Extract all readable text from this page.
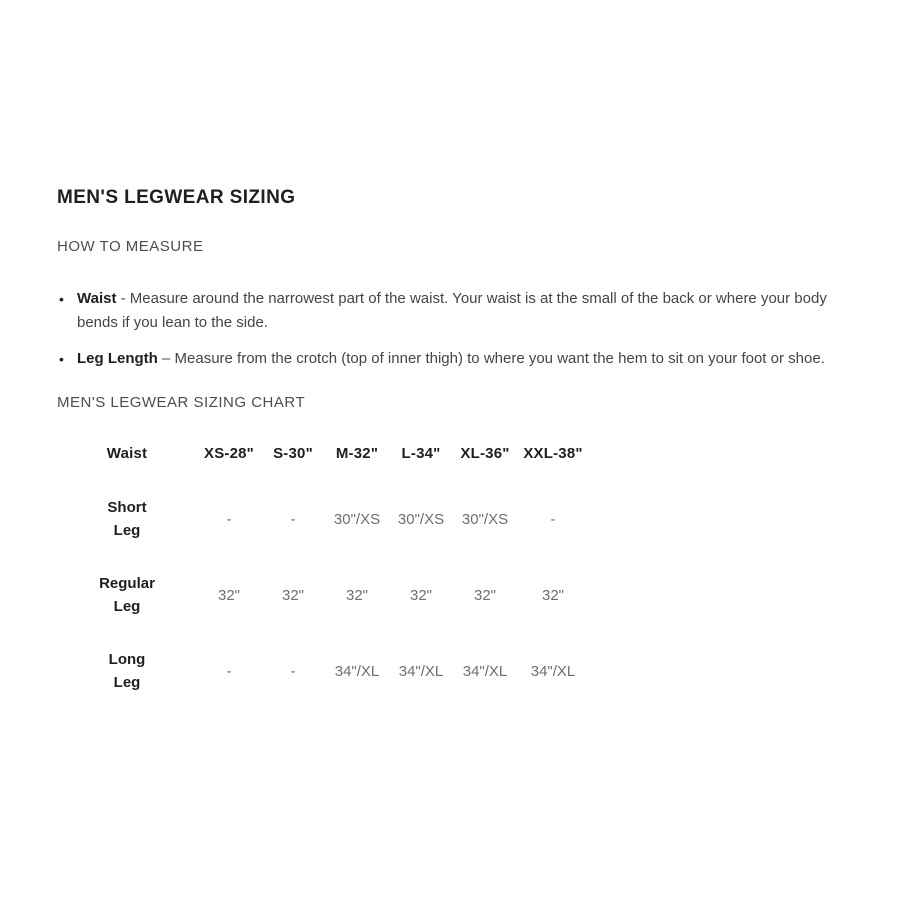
MEN'S LEGWEAR SIZING
HOW TO MEASURE
• Waist - Measure around the narrowest part of the waist. Your waist is at the small of the back or where your body bends if you lean to the side.
• Leg Length – Measure from the crotch (top of inner thigh) to where you want the hem to sit on your foot or shoe.
MEN'S LEGWEAR SIZING CHART
Waist	XS-28"	S-30"	M-32"	L-34"	XL-36"	XXL-38"

Short Leg	-	-	30"/XS	30"/XS	30"/XS	-

Regular Leg	32"	32"	32"	32"	32"	32"

Long Leg	-	-	34"/XL	34"/XL	34"/XL	34"/XL
